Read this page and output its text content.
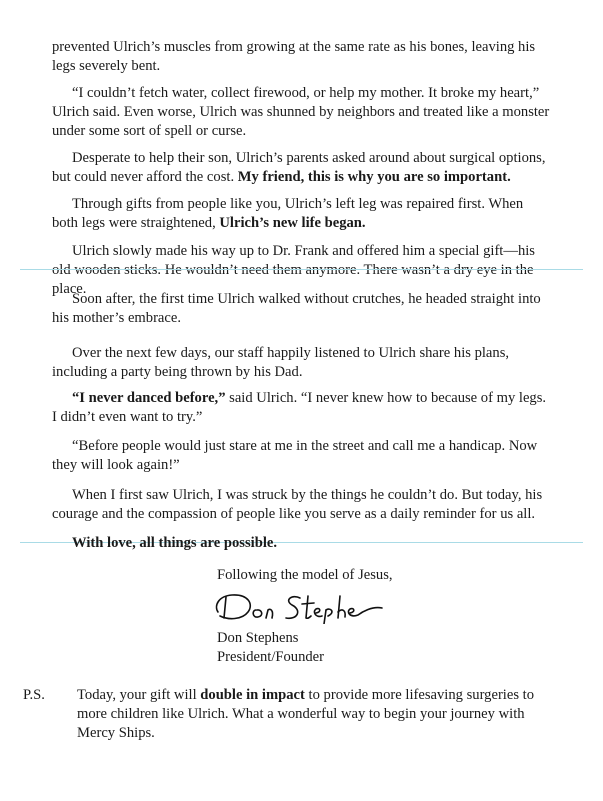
prevented Ulrich’s muscles from growing at the same rate as his bones, leaving his legs severely bent.

“I couldn’t fetch water, collect firewood, or help my mother. It broke my heart,” Ulrich said. Even worse, Ulrich was shunned by neighbors and treated like a monster under some sort of spell or curse.

Desperate to help their son, Ulrich’s parents asked around about surgical options, but could never afford the cost. My friend, this is why you are so important.

Through gifts from people like you, Ulrich’s left leg was repaired first. When both legs were straightened, Ulrich’s new life began.

Ulrich slowly made his way up to Dr. Frank and offered him a special gift—his old wooden sticks. He wouldn’t need them anymore. There wasn’t a dry eye in the place.

Soon after, the first time Ulrich walked without crutches, he headed straight into his mother’s embrace.

Over the next few days, our staff happily listened to Ulrich share his plans, including a party being thrown by his Dad.

“I never danced before,” said Ulrich. “I never knew how to because of my legs. I didn’t even want to try.”

“Before people would just stare at me in the street and call me a handicap. Now they will look again!”

When I first saw Ulrich, I was struck by the things he couldn’t do. But today, his courage and the compassion of people like you serve as a daily reminder for us all.

With love, all things are possible.

Following the model of Jesus,

Don Stephens

President/Founder

P.S. Today, your gift will double in impact to provide more lifesaving surgeries to more children like Ulrich. What a wonderful way to begin your journey with Mercy Ships.
